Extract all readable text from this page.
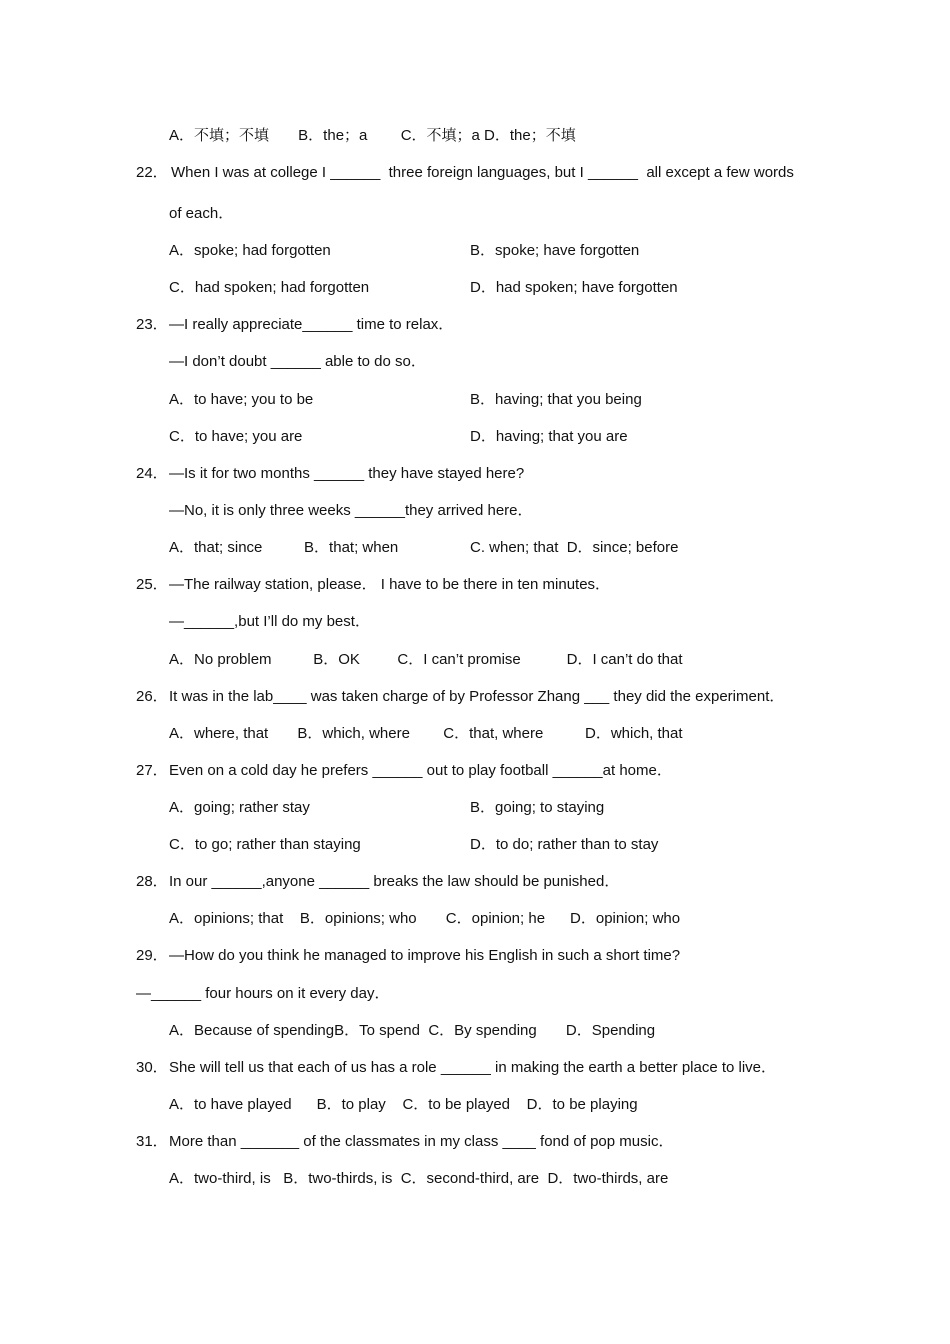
A．不填；不填       B．the；a        C．不填；a D．the；不填
22． When I was at college I ______  three foreign languages, but I ______  all except a few words
of each．
A．spoke; had forgotten	B．spoke; have forgotten
C．had spoken; had forgotten	D．had spoken; have forgotten
23． —I really appreciate______ time to relax．
—I don’t doubt ______ able to do so．
A．to have; you to be	B．having; that you being
C．to have; you are	D．having; that you are
24． —Is it for two months ______ they have stayed here?
—No, it is only three weeks ______they arrived here．
A．that; since          B．that; when	C. when; that  D．since; before
25． —The railway station, please． I have to be there in ten minutes．
—______,but I’ll do my best．
A．No problem          B．OK         C．I can’t promise           D．I can’t do that
26． It was in the lab____ was taken charge of by Professor Zhang ___ they did the experiment．
A．where, that       B．which, where        C．that, where          D．which, that
27． Even on a cold day he prefers ______ out to play football ______at home．
A．going; rather stay	B．going; to staying
C．to go; rather than staying	D．to do; rather than to stay
28． In our ______,anyone ______ breaks the law should be punished．
A．opinions; that    B．opinions; who       C．opinion; he      D．opinion; who
29． —How do you think he managed to improve his English in such a short time?
—______ four hours on it every day．
A．Because of spendingB．To spend  C．By spending       D．Spending
30． She will tell us that each of us has a role ______ in making the earth a better place to live．
A．to have played      B．to play    C．to be played    D．to be playing
31． More than _______ of the classmates in my class ____ fond of pop music．
A．two-third, is   B．two-thirds, is  C．second-third, are  D．two-thirds, are
